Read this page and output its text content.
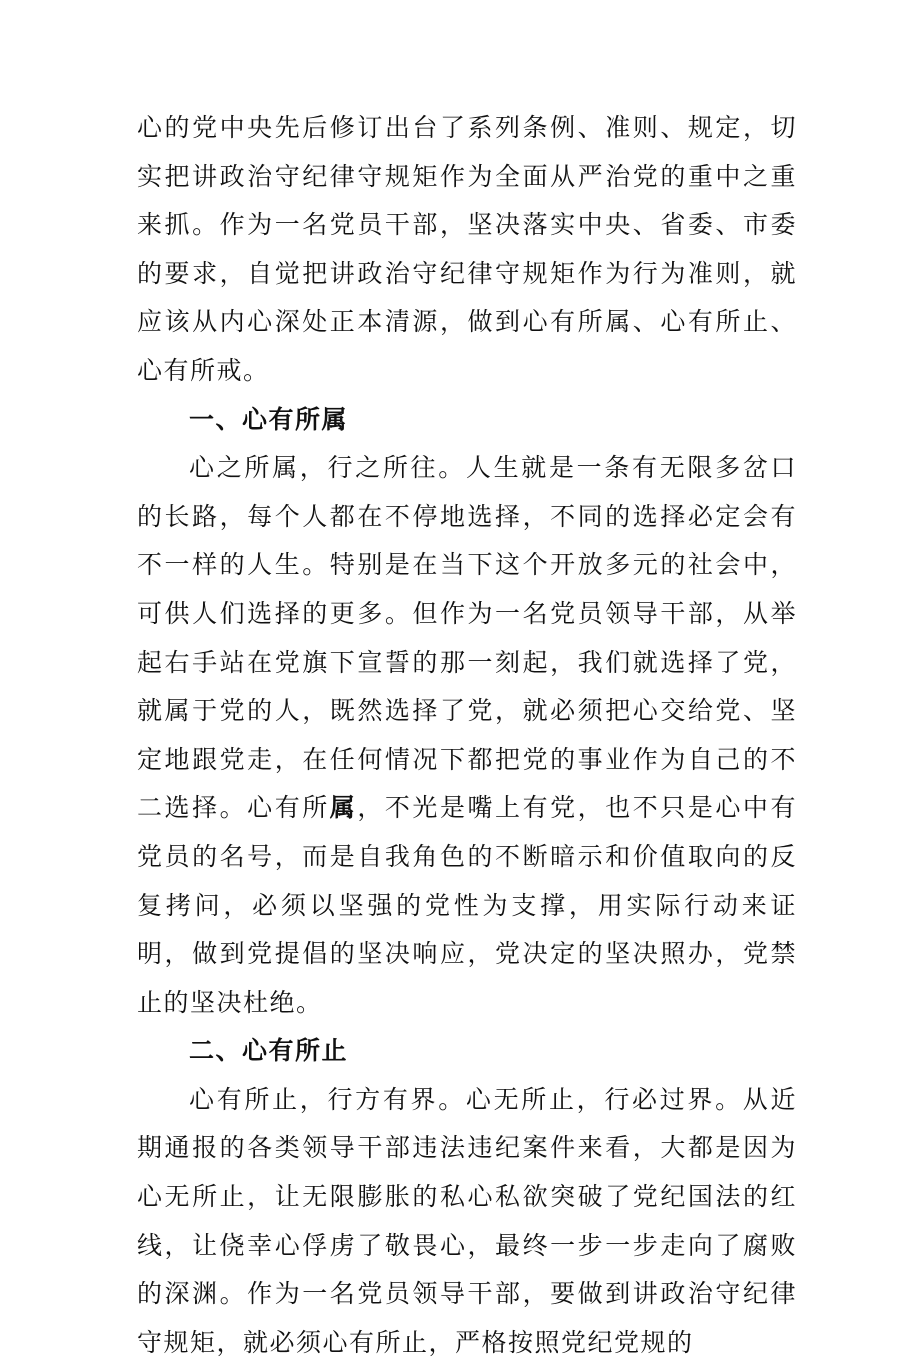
心的党中央先后修订出台了系列条例、准则、规定，切实把讲政治守纪律守规矩作为全面从严治党的重中之重来抓。作为一名党员干部，坚决落实中央、省委、市委的要求，自觉把讲政治守纪律守规矩作为行为准则，就应该从内心深处正本清源，做到心有所属、心有所止、心有所戒。

一、心有所属

心之所属，行之所往。人生就是一条有无限多岔口的长路，每个人都在不停地选择，不同的选择必定会有不一样的人生。特别是在当下这个开放多元的社会中，可供人们选择的更多。但作为一名党员领导干部，从举起右手站在党旗下宣誓的那一刻起，我们就选择了党，就属于党的人，既然选择了党，就必须把心交给党、坚定地跟党走，在任何情况下都把党的事业作为自己的不二选择。心有所属，不光是嘴上有党，也不只是心中有党员的名号，而是自我角色的不断暗示和价值取向的反复拷问，必须以坚强的党性为支撑，用实际行动来证明，做到党提倡的坚决响应，党决定的坚决照办，党禁止的坚决杜绝。

二、心有所止

心有所止，行方有界。心无所止，行必过界。从近期通报的各类领导干部违法违纪案件来看，大都是因为心无所止，让无限膨胀的私心私欲突破了党纪国法的红线，让侥幸心俘虏了敬畏心，最终一步一步走向了腐败的深渊。作为一名党员领导干部，要做到讲政治守纪律守规矩，就必须心有所止，严格按照党纪党规的
